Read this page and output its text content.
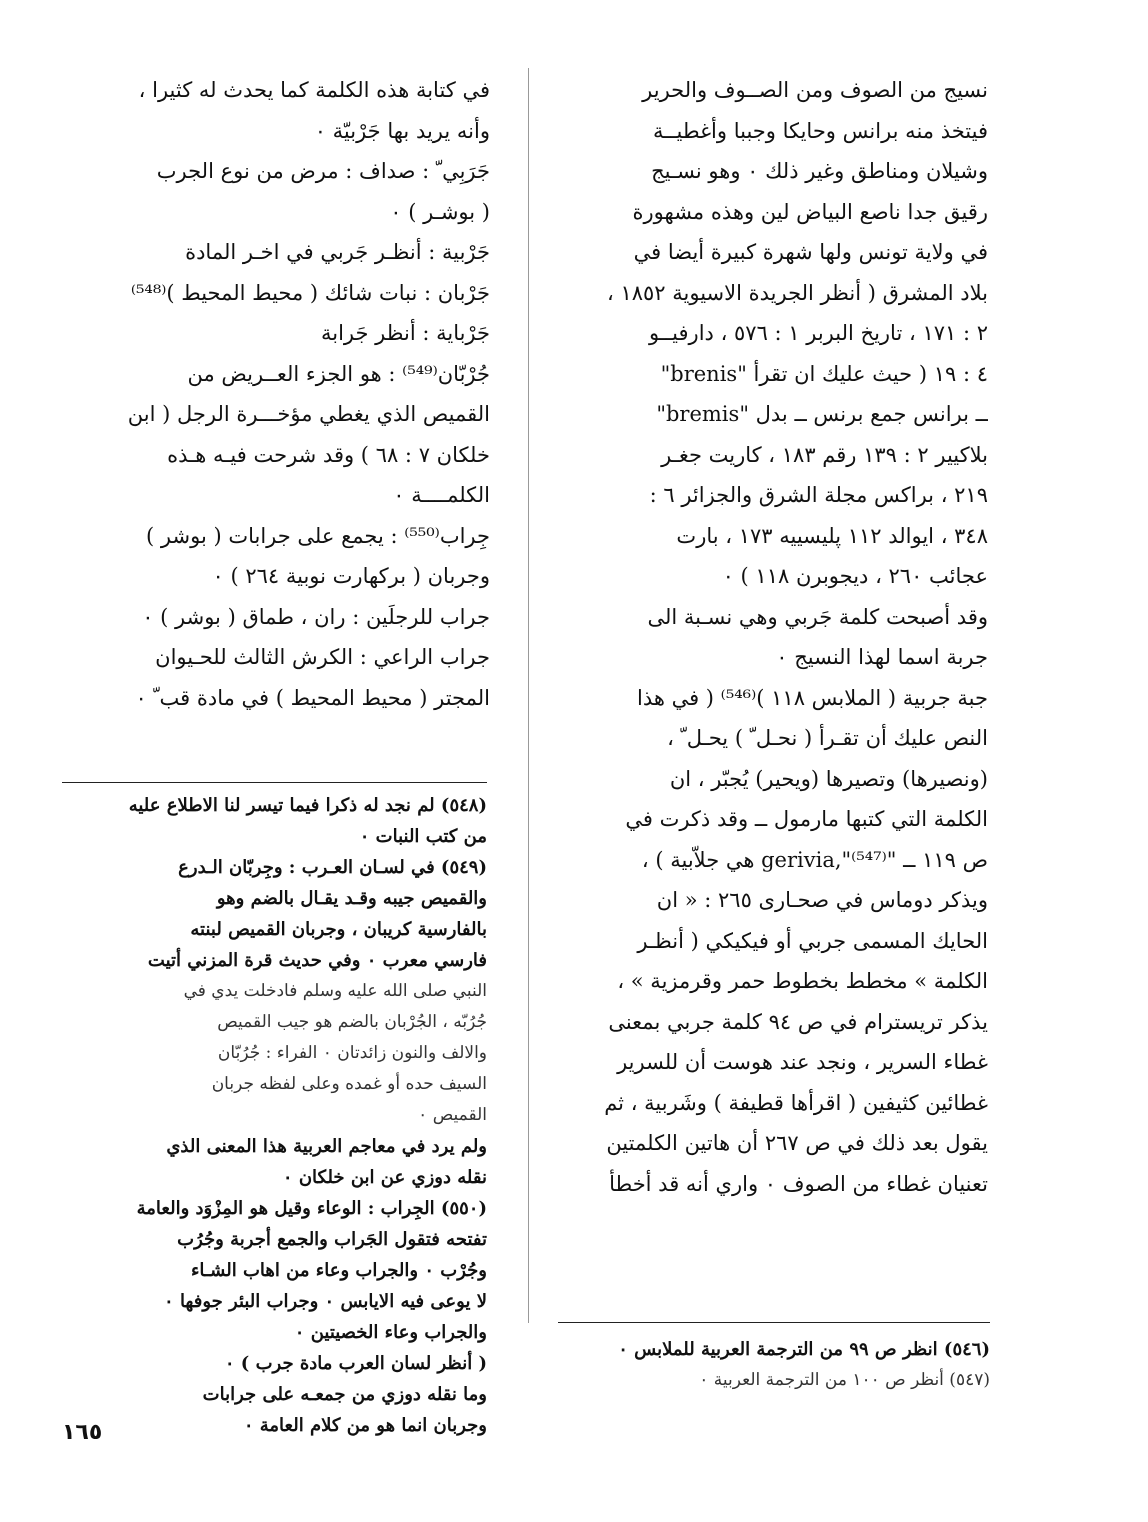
نسيج من الصوف ومن الصــوف والحرير
فيتخذ منه برانس وحايكا وجببا وأغطيــة
وشيلان ومناطق وغير ذلك ٠ وهو نسـيج
رقيق جدا ناصع البياض لين وهذه مشهورة
في ولاية تونس ولها شهرة كبيرة أيضا في
بلاد المشرق ( أنظر الجريدة الاسيوية ١٨٥٢ ،
٢ : ١٧١ ، تاريخ البربر ١ : ٥٧٦ ، دارفيــو
٤ : ١٩ ( حيث عليك ان تقرأ "brenis"
ــ برانس جمع برنس ــ بدل "bremis"
بلاكيير ٢ : ١٣٩ رقم ١٨٣ ، كاريت جغـر
٢١٩ ، براكس مجلة الشرق والجزائر ٦ :
٣٤٨ ، ايوالد ١١٢ پليسييه ١٧٣ ، بارت
عجائب ٢٦٠ ، ديجوبرن ١١٨ ) ٠
وقد أصبحت كلمة جَربي وهي نسـبة الى
جربة اسما لهذا النسيج ٠
جبة جربية ( الملابس ١١٨ )⁽⁵⁴⁶⁾ ( في هذا
النص عليك أن تقـرأ ( نحـل ّ ) يحـل ّ ،
(ونصيرها) وتصيرها (ويحير) يُجبّر ، ان
الكلمة التي كتبها مارمول ــ وقد ذكرت في
ص ١١٩ ــ "gerivia,"⁽⁵⁴⁷⁾ هي جلاّبية ) ،
ويذكر دوماس في صحـارى ٢٦٥ : « ان
الحايك المسمى جربي أو فيكيكي ( أنظـر
الكلمة » مخطط بخطوط حمر وقرمزية » ،
يذكر تريسترام في ص ٩٤ كلمة جربي بمعنى
غطاء السرير ، ونجد عند هوست أن للسرير
غطائين كثيفين ( اقرأها قطيفة ) وشَربية ، ثم
يقول بعد ذلك في ص ٢٦٧ أن هاتين الكلمتين
تعنيان غطاء من الصوف ٠ واري أنه قد أخطأ
في كتابة هذه الكلمة كما يحدث له كثيرا ،
وأنه يريد بها جَرْبيّة ٠
جَرَبِي ّ : صداف : مرض من نوع الجرب
( بوشـر ) ٠
جَرْبية : أنظـر جَربي في اخـر المادة
جَرْبان : نبات شائك ( محيط المحيط )⁽⁵⁴⁸⁾
جَرْباية : أنظر جَرابة
جُرْبّان⁽⁵⁴⁹⁾ : هو الجزء العــريض من
القميص الذي يغطي مؤخـــرة الرجل ( ابن
خلكان ٧ : ٦٨ ) وقد شرحت فيـه هـذه
الكلمــــة ٠
جِراب⁽⁵⁵⁰⁾ : يجمع على جرابات ( بوشر )
وجربان ( بركهارت نوبية ٢٦٤ ) ٠
جراب للرجلَين : ران ، طماق ( بوشر ) ٠
جراب الراعي : الكرش الثالث للحـيوان
المجتر ( محيط المحيط ) في مادة قب ّ ٠
(٥٤٨) لم نجد له ذكرا فيما تيسر لنا الاطلاع عليه
من كتب النبات ٠
(٥٤٩) في لسـان العـرب : وجِربّان الـدرع
والقميص جيبه وقـد يقـال بالضم وهو
بالفارسية كريبان ، وجربان القميص لبنته
فارسي معرب ٠ وفي حديث قرة المزني أتيت
النبي صلى الله عليه وسلم فادخلت يدي في
جُرُبّه ، الجُرْبان بالضم هو جيب القميص
والالف والنون زائدتان ٠ الفراء : جُرُبّان
السيف حده أو غمده وعلى لفظه جربان
القميص ٠
ولم يرد في معاجم العربية هذا المعنى الذي
نقله دوزي عن ابن خلكان ٠
(٥٥٠) الجِراب : الوعاء وقيل هو المِزْوَد والعامة
تفتحه فتقول الجَراب والجمع أجربة وجُرُب
وجُرْب ٠ والجراب وعاء من اهاب الشـاء
لا يوعى فيه الايابس ٠ وجراب البئر جوفها ٠
والجراب وعاء الخصيتين ٠
( أنظر لسان العرب مادة جرب ) ٠
وما نقله دوزي من جمعـه على جرابات
وجربان انما هو من كلام العامة ٠
(٥٤٦) انظر ص ٩٩ من الترجمة العربية للملابس ٠
(٥٤٧) أنظر ص ١٠٠ من الترجمة العربية ٠
١٦٥
